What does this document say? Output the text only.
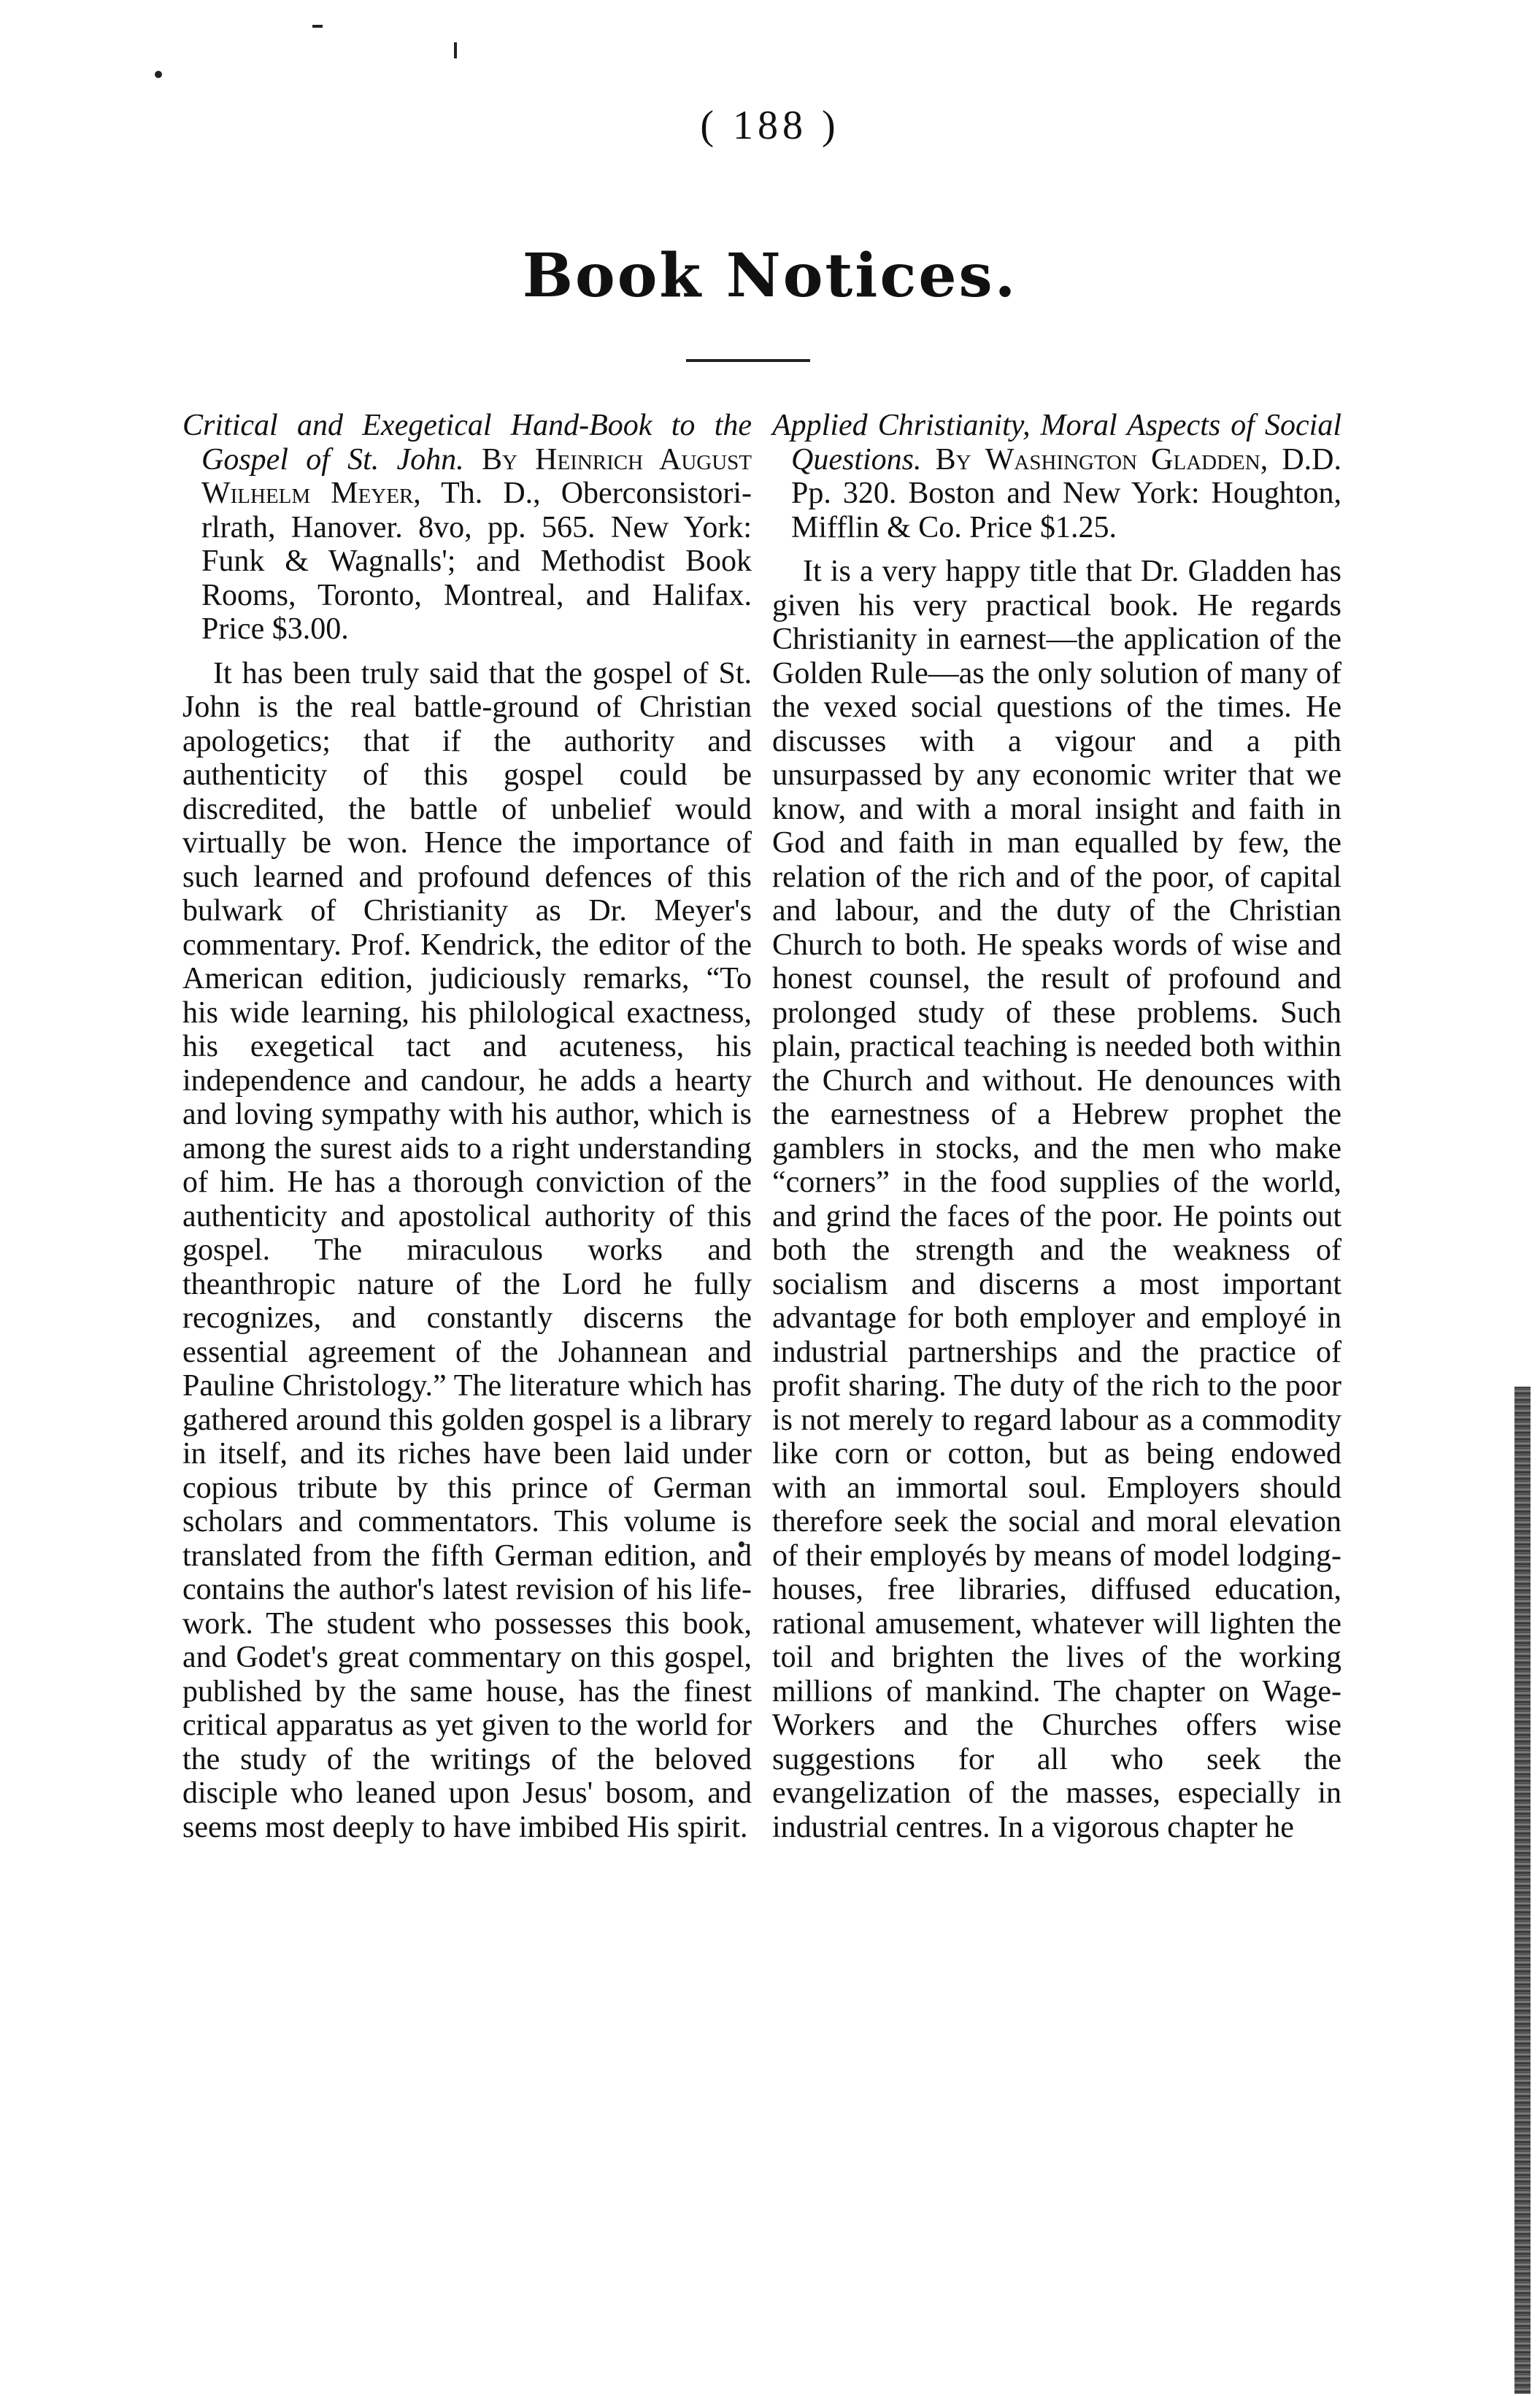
( 188 )
Book Notices.

Critical and Exegetical Hand-Book to the Gospel of St. John. By Heinrich August Wilhelm Meyer, Th. D., Oberconsistori-rlrath, Hanover. 8vo, pp. 565. New York: Funk & Wagnalls'; and Methodist Book Rooms, Toronto, Montreal, and Halifax. Price $3.00.

It has been truly said that the gospel of St. John is the real battle-ground of Christian apologetics; that if the authority and authenticity of this gospel could be discredited, the battle of unbelief would virtually be won. Hence the importance of such learned and profound defences of this bulwark of Christianity as Dr. Meyer's commentary. Prof. Kendrick, the editor of the American edition, judiciously remarks, “To his wide learning, his philological exactness, his exegetical tact and acuteness, his independence and candour, he adds a hearty and loving sympathy with his author, which is among the surest aids to a right understanding of him. He has a thorough conviction of the authenticity and apostolical authority of this gospel. The miraculous works and theanthropic nature of the Lord he fully recognizes, and constantly discerns the essential agreement of the Johannean and Pauline Christology.” The literature which has gathered around this golden gospel is a library in itself, and its riches have been laid under copious tribute by this prince of German scholars and commentators. This volume is translated from the fifth German edition, and contains the author's latest revision of his life-work. The student who possesses this book, and Godet's great commentary on this gospel, published by the same house, has the finest critical apparatus as yet given to the world for the study of the writings of the beloved disciple who leaned upon Jesus' bosom, and seems most deeply to have imbibed His spirit.

Applied Christianity, Moral Aspects of Social Questions. By Washington Gladden, D.D. Pp. 320. Boston and New York: Houghton, Mifflin & Co. Price $1.25.

It is a very happy title that Dr. Gladden has given his very practical book. He regards Christianity in earnest—the application of the Golden Rule—as the only solution of many of the vexed social questions of the times. He discusses with a vigour and a pith unsurpassed by any economic writer that we know, and with a moral insight and faith in God and faith in man equalled by few, the relation of the rich and of the poor, of capital and labour, and the duty of the Christian Church to both. He speaks words of wise and honest counsel, the result of profound and prolonged study of these problems. Such plain, practical teaching is needed both within the Church and without. He denounces with the earnestness of a Hebrew prophet the gamblers in stocks, and the men who make “corners” in the food supplies of the world, and grind the faces of the poor. He points out both the strength and the weakness of socialism and discerns a most important advantage for both employer and employé in industrial partnerships and the practice of profit sharing. The duty of the rich to the poor is not merely to regard labour as a commodity like corn or cotton, but as being endowed with an immortal soul. Employers should therefore seek the social and moral elevation of their employés by means of model lodging-houses, free libraries, diffused education, rational amusement, whatever will lighten the toil and brighten the lives of the working millions of mankind. The chapter on Wage-Workers and the Churches offers wise suggestions for all who seek the evangelization of the masses, especially in industrial centres. In a vigorous chapter he
